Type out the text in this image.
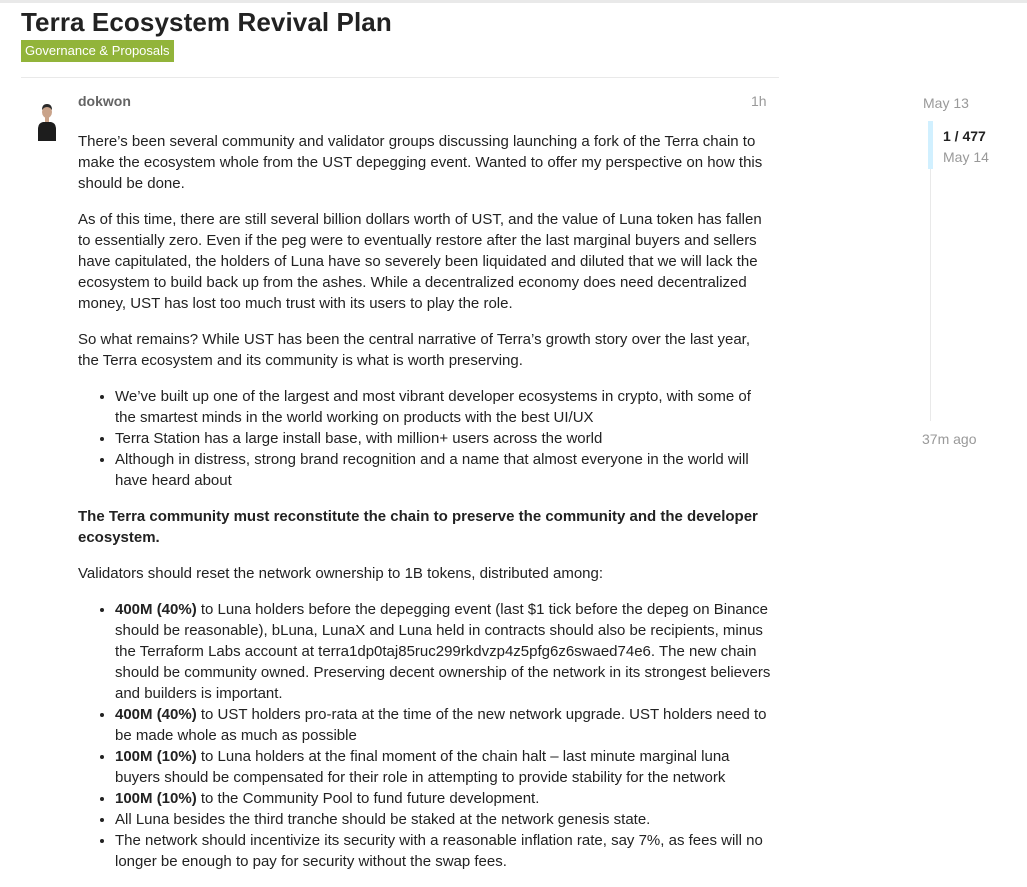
Terra Ecosystem Revival Plan
Governance & Proposals
dokwon	1h

There’s been several community and validator groups discussing launching a fork of the Terra chain to make the ecosystem whole from the UST depegging event. Wanted to offer my perspective on how this should be done.

As of this time, there are still several billion dollars worth of UST, and the value of Luna token has fallen to essentially zero. Even if the peg were to eventually restore after the last marginal buyers and sellers have capitulated, the holders of Luna have so severely been liquidated and diluted that we will lack the ecosystem to build back up from the ashes. While a decentralized economy does need decentralized money, UST has lost too much trust with its users to play the role.

So what remains? While UST has been the central narrative of Terra’s growth story over the last year, the Terra ecosystem and its community is what is worth preserving.

• We’ve built up one of the largest and most vibrant developer ecosystems in crypto, with some of the smartest minds in the world working on products with the best UI/UX
• Terra Station has a large install base, with million+ users across the world
• Although in distress, strong brand recognition and a name that almost everyone in the world will have heard about

The Terra community must reconstitute the chain to preserve the community and the developer ecosystem.

Validators should reset the network ownership to 1B tokens, distributed among:

• 400M (40%) to Luna holders before the depegging event (last $1 tick before the depeg on Binance should be reasonable), bLuna, LunaX and Luna held in contracts should also be recipients, minus the Terraform Labs account at terra1dp0taj85ruc299rkdvzp4z5pfg6z6swaed74e6. The new chain should be community owned. Preserving decent ownership of the network in its strongest believers and builders is important.
• 400M (40%) to UST holders pro-rata at the time of the new network upgrade. UST holders need to be made whole as much as possible
• 100M (10%) to Luna holders at the final moment of the chain halt – last minute marginal luna buyers should be compensated for their role in attempting to provide stability for the network
• 100M (10%) to the Community Pool to fund future development.
• All Luna besides the third tranche should be staked at the network genesis state.
• The network should incentivize its security with a reasonable inflation rate, say 7%, as fees will no longer be enough to pay for security without the swap fees.
May 13
1 / 477
May 14
37m ago
